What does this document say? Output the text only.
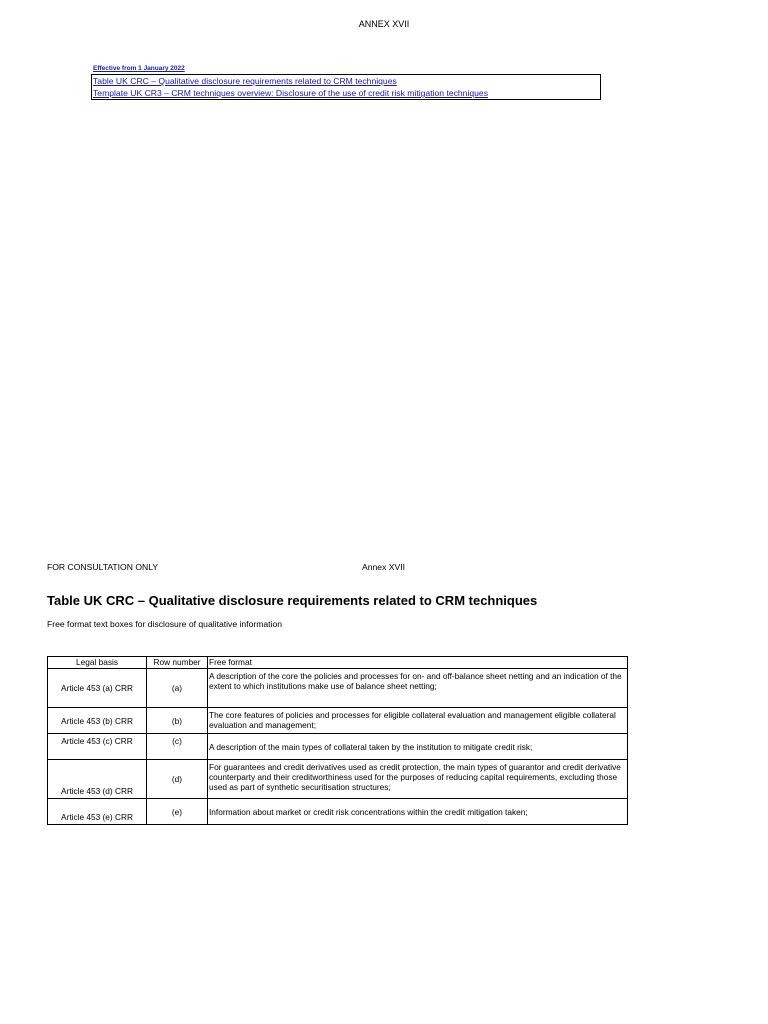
ANNEX XVII
Effective from 1 January 2022
Table UK CRC – Qualitative disclosure requirements related to CRM techniques
Template UK CR3 – CRM techniques overview: Disclosure of the use of credit risk mitigation techniques
FOR CONSULTATION ONLY	Annex XVII
Table UK CRC – Qualitative disclosure requirements related to CRM techniques
Free format text boxes for disclosure of qualitative information
Legal basis	Row number	Free format
Article 453 (a) CRR	(a)	A description of the core the policies and processes for on- and off-balance sheet netting and an indication of the extent to which institutions make use of balance sheet netting;
Article 453 (b) CRR	(b)	The core features of policies and processes for eligible collateral evaluation and management eligible collateral evaluation and management;
Article 453 (c) CRR	(c)	A description of the main types of collateral taken by the institution to mitigate credit risk;
Article 453 (d) CRR	(d)	For guarantees and credit derivatives used as credit protection, the main types of guarantor and credit derivative counterparty and their creditworthiness used for the purposes of reducing capital requirements, excluding those used as part of synthetic securitisation structures;
Article 453 (e) CRR	(e)	Information about market or credit risk concentrations within the credit mitigation taken;
